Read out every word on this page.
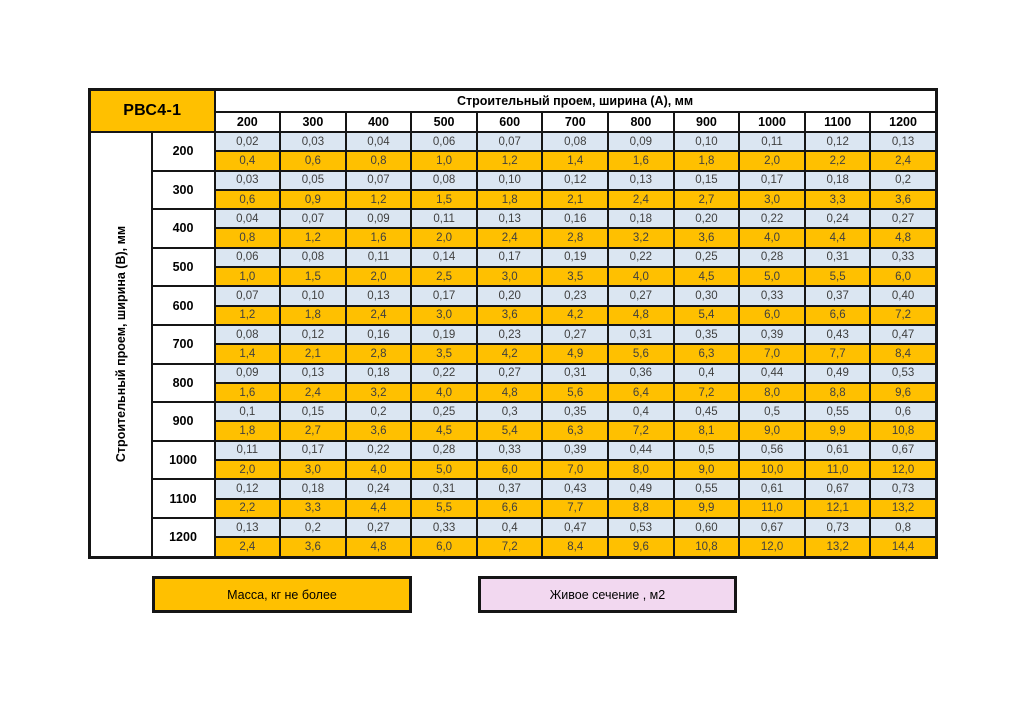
РВС4-1		Строительный проем, ширина (А), мм										
		200	300	400	500	600	700	800	900	1000	1100	1200

Строительный проем, ширина (В), мм	200	0,02	0,03	0,04	0,06	0,07	0,08	0,09	0,10	0,11	0,12	0,13
		0,4	0,6	0,8	1,0	1,2	1,4	1,6	1,8	2,0	2,2	2,4
	300	0,03	0,05	0,07	0,08	0,10	0,12	0,13	0,15	0,17	0,18	0,2
		0,6	0,9	1,2	1,5	1,8	2,1	2,4	2,7	3,0	3,3	3,6
	400	0,04	0,07	0,09	0,11	0,13	0,16	0,18	0,20	0,22	0,24	0,27
		0,8	1,2	1,6	2,0	2,4	2,8	3,2	3,6	4,0	4,4	4,8
	500	0,06	0,08	0,11	0,14	0,17	0,19	0,22	0,25	0,28	0,31	0,33
		1,0	1,5	2,0	2,5	3,0	3,5	4,0	4,5	5,0	5,5	6,0
	600	0,07	0,10	0,13	0,17	0,20	0,23	0,27	0,30	0,33	0,37	0,40
		1,2	1,8	2,4	3,0	3,6	4,2	4,8	5,4	6,0	6,6	7,2
	700	0,08	0,12	0,16	0,19	0,23	0,27	0,31	0,35	0,39	0,43	0,47
		1,4	2,1	2,8	3,5	4,2	4,9	5,6	6,3	7,0	7,7	8,4
	800	0,09	0,13	0,18	0,22	0,27	0,31	0,36	0,4	0,44	0,49	0,53
		1,6	2,4	3,2	4,0	4,8	5,6	6,4	7,2	8,0	8,8	9,6
	900	0,1	0,15	0,2	0,25	0,3	0,35	0,4	0,45	0,5	0,55	0,6
		1,8	2,7	3,6	4,5	5,4	6,3	7,2	8,1	9,0	9,9	10,8
	1000	0,11	0,17	0,22	0,28	0,33	0,39	0,44	0,5	0,56	0,61	0,67
		2,0	3,0	4,0	5,0	6,0	7,0	8,0	9,0	10,0	11,0	12,0
	1100	0,12	0,18	0,24	0,31	0,37	0,43	0,49	0,55	0,61	0,67	0,73
		2,2	3,3	4,4	5,5	6,6	7,7	8,8	9,9	11,0	12,1	13,2
	1200	0,13	0,2	0,27	0,33	0,4	0,47	0,53	0,60	0,67	0,73	0,8
		2,4	3,6	4,8	6,0	7,2	8,4	9,6	10,8	12,0	13,2	14,4
Масса, кг не более	Живое сечение , м2
